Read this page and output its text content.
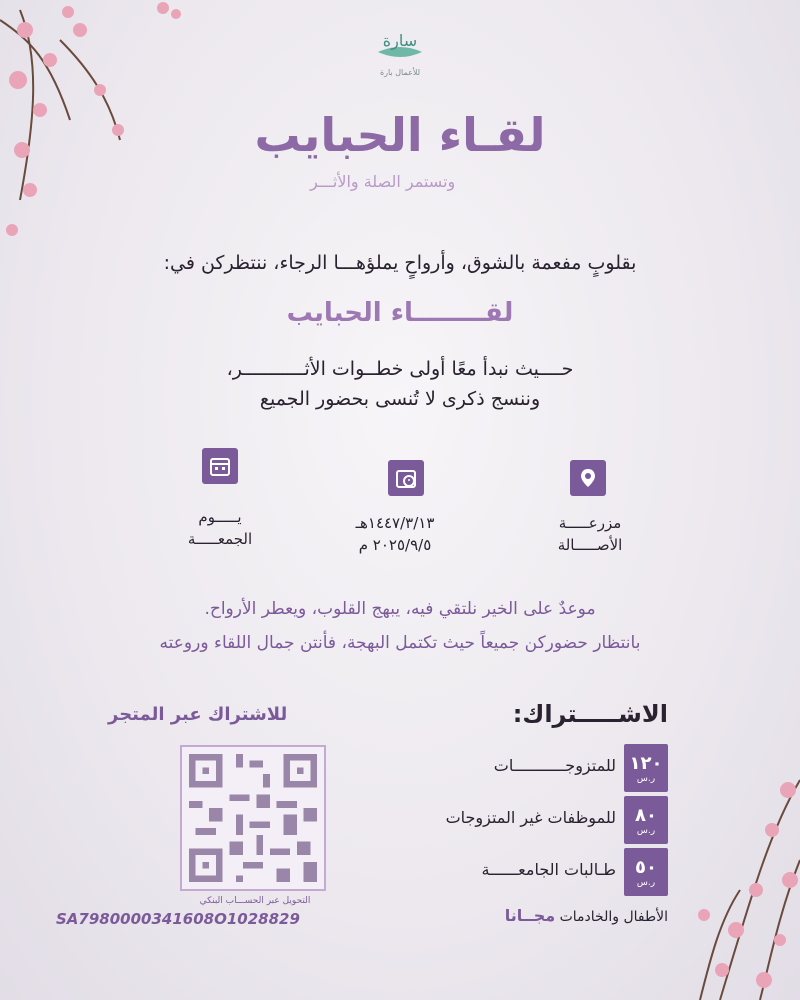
سارة
للأعمال بارة
لقـاء الحبايب
وتستمر الصلة والأثـــر
بقلوبٍ مفعمة بالشوق، وأرواحٍ يملؤهـــا الرجاء، ننتظركن في:
لقــــــــاء الحبايب
حــــيث نبدأ معًا أولى خطــوات الأثـــــــــــر،
وننسج ذكرى لا تُنسى بحضور الجميع
يـــــوم
الجمعـــــة
١٤٤٧/٣/١٣هـ
٢٠٢٥/٩/٥ م
مزرعـــــة
الأصـــــالة
موعدٌ على الخير نلتقي فيه، يبهج القلوب، ويعطر الأرواح.
بانتظار حضوركن جميعاً حيث تكتمل البهجة، فأنتن جمال اللقاء وروعته
الاشـــــتراك:
١٢٠
ر.س
للمتزوجـــــــــــات
٨٠
ر.س
للموظفات غير المتزوجات
٥٠
ر.س
طـالبات الجامعــــــة
الأطفال والخادمات مجــانا
للاشتراك عبر المتجر
التحويل عبر الحســـاب البنكي
SA7980000341608O1028829
